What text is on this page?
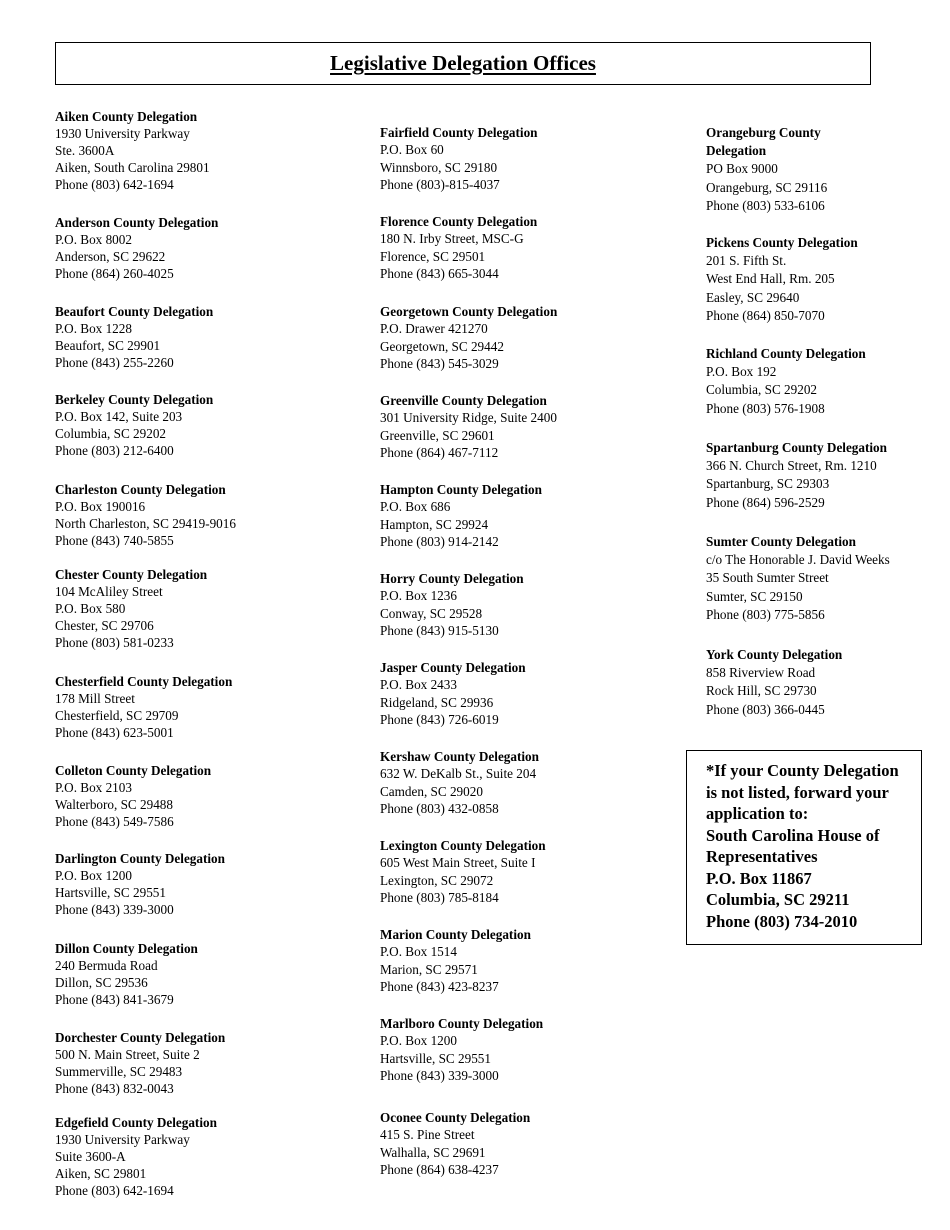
Legislative Delegation Offices
Aiken County Delegation
1930 University Parkway
Ste. 3600A
Aiken, South Carolina 29801
Phone (803) 642-1694
Anderson County Delegation
P.O. Box 8002
Anderson, SC 29622
Phone (864) 260-4025
Beaufort County Delegation
P.O. Box 1228
Beaufort, SC 29901
Phone (843) 255-2260
Berkeley County Delegation
P.O. Box 142, Suite 203
Columbia, SC 29202
Phone (803) 212-6400
Charleston County Delegation
P.O. Box 190016
North Charleston, SC 29419-9016
Phone (843) 740-5855
Chester County Delegation
104 McAliley Street
P.O. Box 580
Chester, SC 29706
Phone (803) 581-0233
Chesterfield County Delegation
178 Mill Street
Chesterfield, SC 29709
Phone (843) 623-5001
Colleton County Delegation
P.O. Box 2103
Walterboro, SC 29488
Phone (843) 549-7586
Darlington County Delegation
P.O. Box 1200
Hartsville, SC 29551
Phone (843) 339-3000
Dillon County Delegation
240 Bermuda Road
Dillon, SC 29536
Phone (843) 841-3679
Dorchester County Delegation
500 N. Main Street, Suite 2
Summerville, SC 29483
Phone (843) 832-0043
Edgefield County Delegation
1930 University Parkway
Suite 3600-A
Aiken, SC 29801
Phone (803) 642-1694
Fairfield County Delegation
P.O. Box 60
Winnsboro, SC 29180
Phone (803)-815-4037
Florence County Delegation
180 N. Irby Street, MSC-G
Florence, SC 29501
Phone (843) 665-3044
Georgetown County Delegation
P.O. Drawer 421270
Georgetown, SC 29442
Phone (843) 545-3029
Greenville County Delegation
301 University Ridge, Suite 2400
Greenville, SC 29601
Phone (864) 467-7112
Hampton County Delegation
P.O. Box 686
Hampton, SC 29924
Phone (803) 914-2142
Horry County Delegation
P.O. Box 1236
Conway, SC 29528
Phone (843) 915-5130
Jasper County Delegation
P.O. Box 2433
Ridgeland, SC 29936
Phone (843) 726-6019
Kershaw County Delegation
632 W. DeKalb St., Suite 204
Camden, SC 29020
Phone (803) 432-0858
Lexington County Delegation
605 West Main Street, Suite I
Lexington, SC 29072
Phone (803) 785-8184
Marion County Delegation
P.O. Box 1514
Marion, SC 29571
Phone (843) 423-8237
Marlboro County Delegation
P.O. Box 1200
Hartsville, SC 29551
Phone (843) 339-3000
Oconee County Delegation
415 S. Pine Street
Walhalla, SC 29691
Phone (864) 638-4237
Orangeburg County
Delegation
PO Box 9000
Orangeburg, SC 29116
Phone (803) 533-6106
Pickens County Delegation
201 S. Fifth St.
West End Hall, Rm. 205
Easley, SC 29640
Phone (864) 850-7070
Richland County Delegation
P.O. Box 192
Columbia, SC 29202
Phone (803) 576-1908
Spartanburg County Delegation
366 N. Church Street, Rm. 1210
Spartanburg, SC 29303
Phone (864) 596-2529
Sumter County Delegation
c/o The Honorable J. David Weeks
35 South Sumter Street
Sumter, SC 29150
Phone (803) 775-5856
York County Delegation
858 Riverview Road
Rock Hill, SC 29730
Phone (803) 366-0445
*If your County Delegation
is not listed, forward your
application to:
South Carolina House of
Representatives
P.O. Box 11867
Columbia, SC 29211
Phone (803) 734-2010
